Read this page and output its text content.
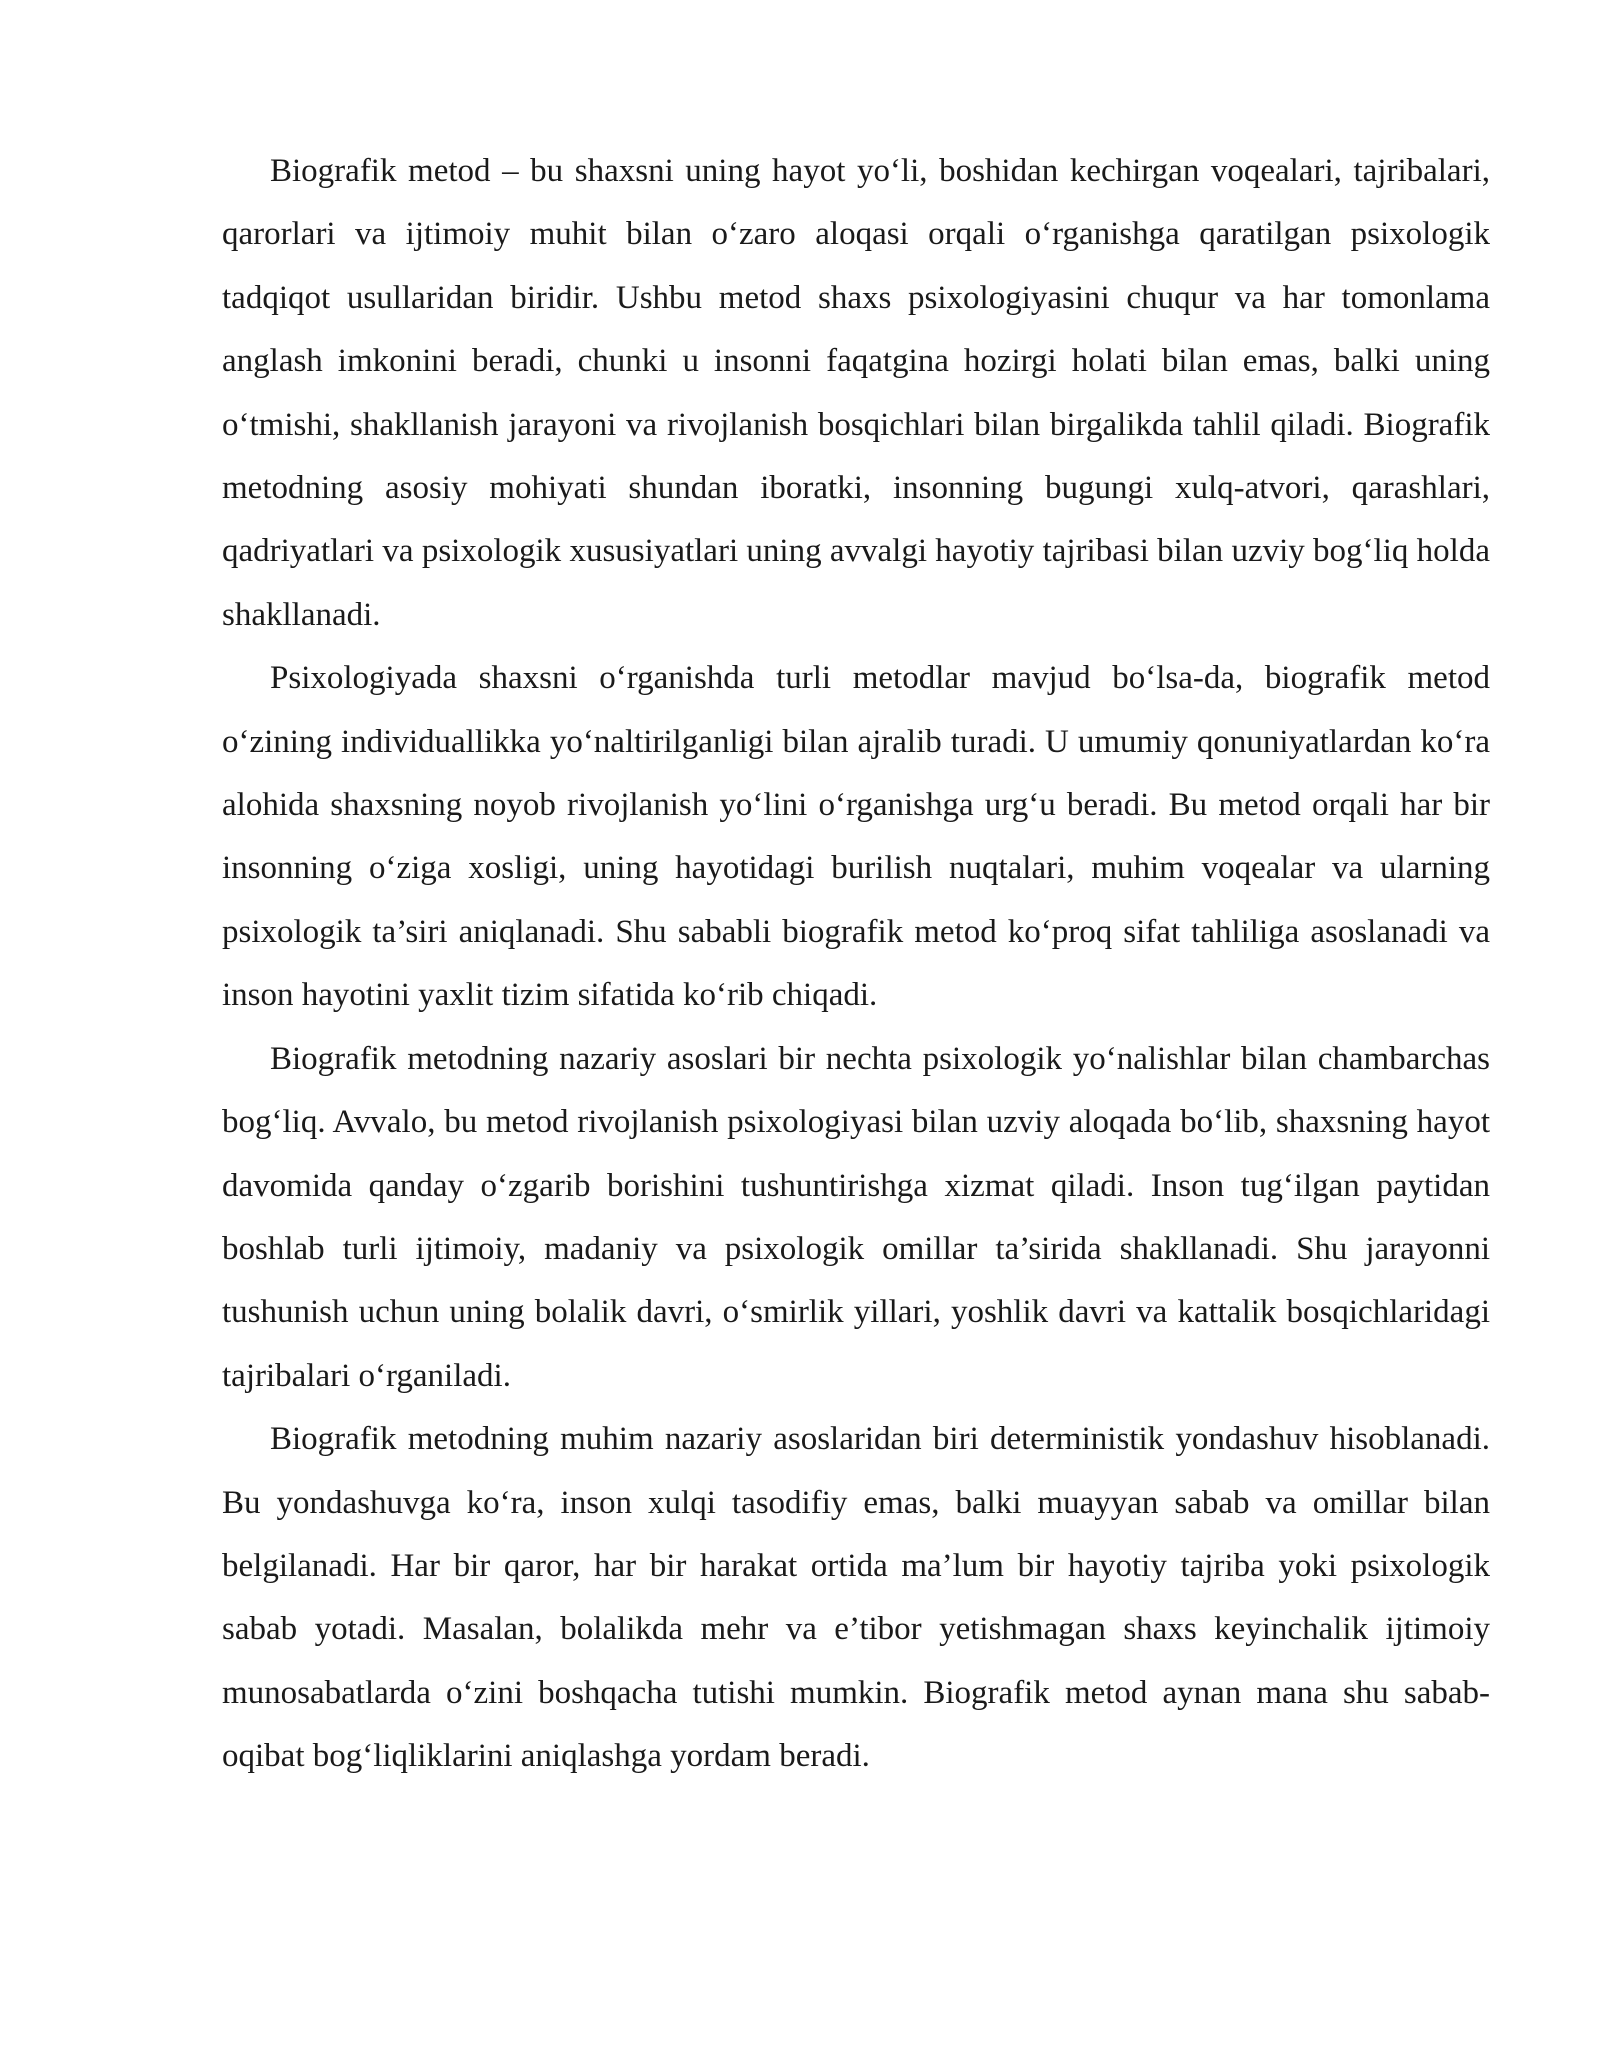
Biografik metod – bu shaxsni uning hayot yo‘li, boshidan kechirgan voqealari, tajribalari, qarorlari va ijtimoiy muhit bilan o‘zaro aloqasi orqali o‘rganishga qaratilgan psixologik tadqiqot usullaridan biridir. Ushbu metod shaxs psixologiyasini chuqur va har tomonlama anglash imkonini beradi, chunki u insonni faqatgina hozirgi holati bilan emas, balki uning o‘tmishi, shakllanish jarayoni va rivojlanish bosqichlari bilan birgalikda tahlil qiladi. Biografik metodning asosiy mohiyati shundan iboratki, insonning bugungi xulq-atvori, qarashlari, qadriyatlari va psixologik xususiyatlari uning avvalgi hayotiy tajribasi bilan uzviy bog‘liq holda shakllanadi.

Psixologiyada shaxsni o‘rganishda turli metodlar mavjud bo‘lsa-da, biografik metod o‘zining individuallikka yo‘naltirilganligi bilan ajralib turadi. U umumiy qonuniyatlardan ko‘ra alohida shaxsning noyob rivojlanish yo‘lini o‘rganishga urg‘u beradi. Bu metod orqali har bir insonning o‘ziga xosligi, uning hayotidagi burilish nuqtalari, muhim voqealar va ularning psixologik ta’siri aniqlanadi. Shu sababli biografik metod ko‘proq sifat tahliliga asoslanadi va inson hayotini yaxlit tizim sifatida ko‘rib chiqadi.

Biografik metodning nazariy asoslari bir nechta psixologik yo‘nalishlar bilan chambarchas bog‘liq. Avvalo, bu metod rivojlanish psixologiyasi bilan uzviy aloqada bo‘lib, shaxsning hayot davomida qanday o‘zgarib borishini tushuntirishga xizmat qiladi. Inson tug‘ilgan paytidan boshlab turli ijtimoiy, madaniy va psixologik omillar ta’sirida shakllanadi. Shu jarayonni tushunish uchun uning bolalik davri, o‘smirlik yillari, yoshlik davri va kattalik bosqichlaridagi tajribalari o‘rganiladi.

Biografik metodning muhim nazariy asoslaridan biri deterministik yondashuv hisoblanadi. Bu yondashuvga ko‘ra, inson xulqi tasodifiy emas, balki muayyan sabab va omillar bilan belgilanadi. Har bir qaror, har bir harakat ortida ma’lum bir hayotiy tajriba yoki psixologik sabab yotadi. Masalan, bolalikda mehr va e’tibor yetishmagan shaxs keyinchalik ijtimoiy munosabatlarda o‘zini boshqacha tutishi mumkin. Biografik metod aynan mana shu sabab-oqibat bog‘liqliklarini aniqlashga yordam beradi.
